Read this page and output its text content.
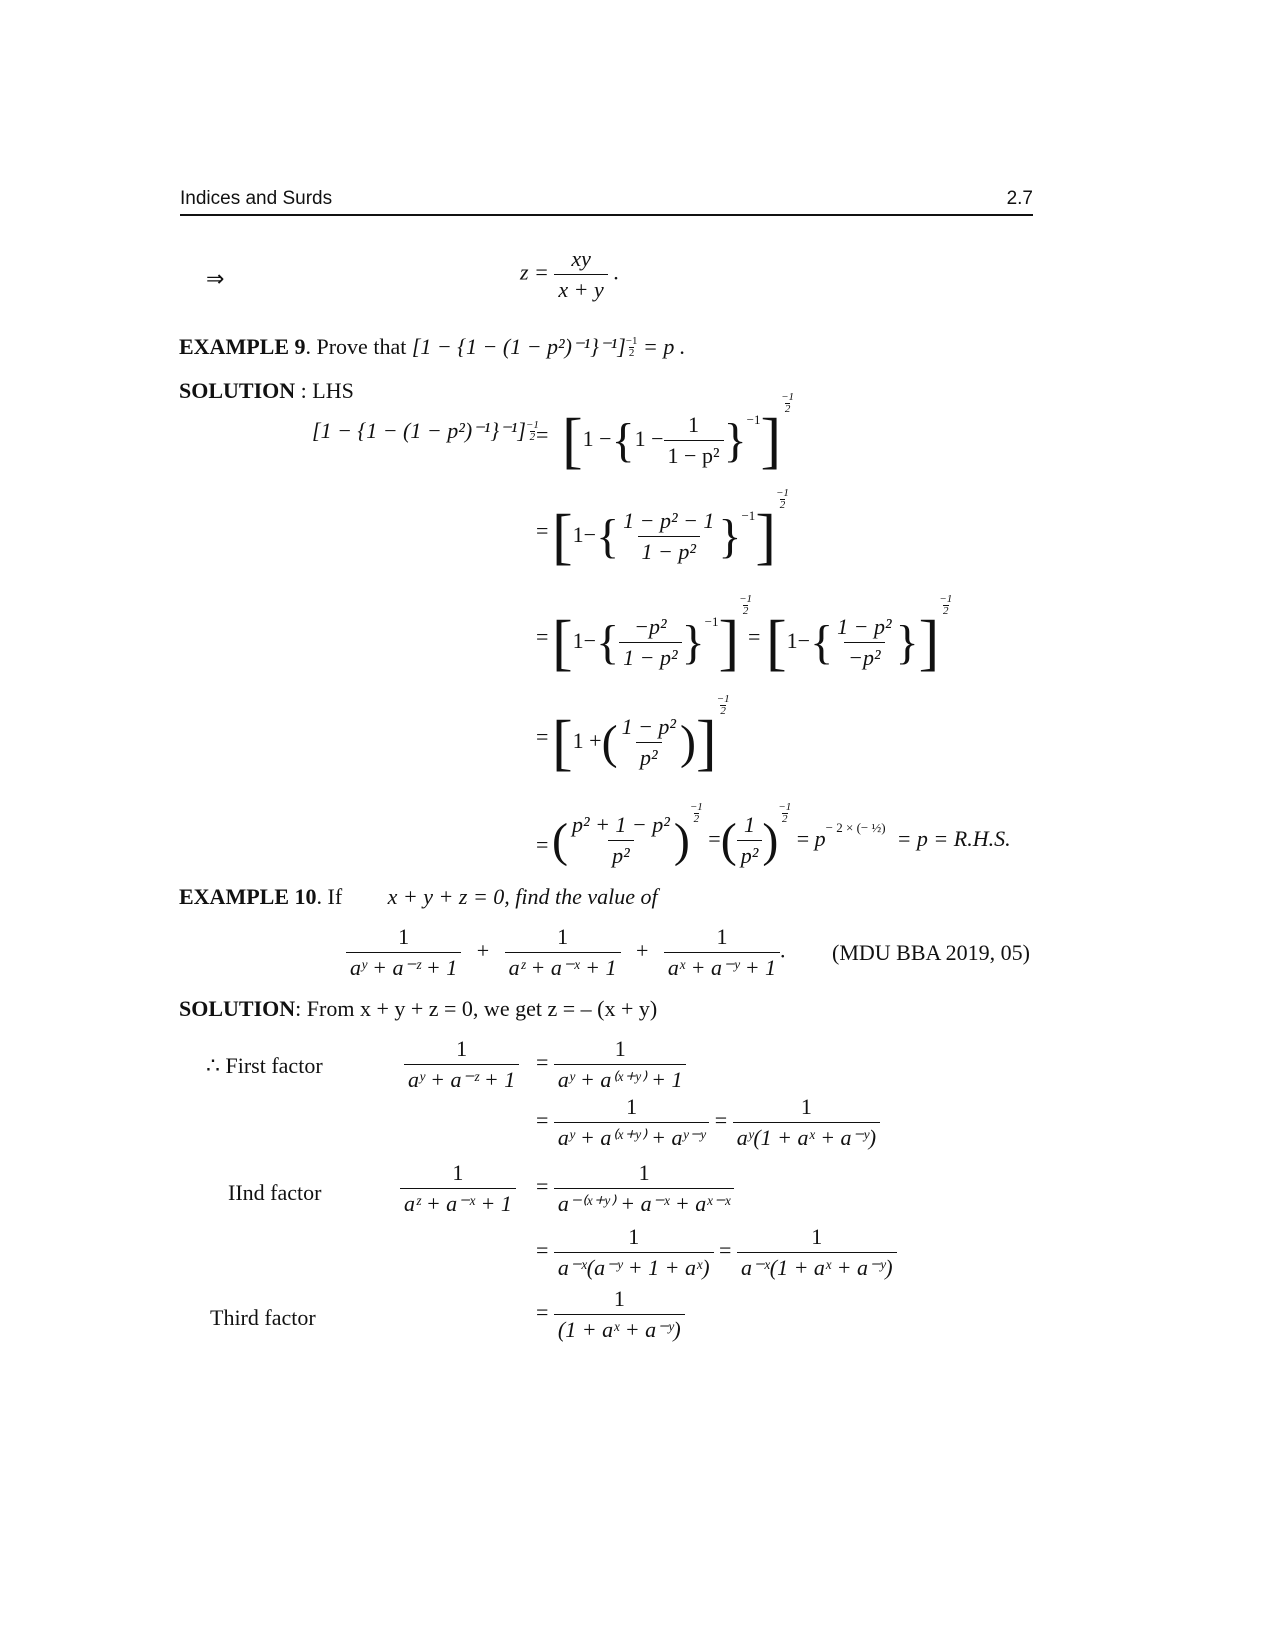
Indices and Surds	2.7
⇒	$z = \frac{xy}{x + y}$ .
EXAMPLE 9. Prove that $[1 - \{1 - (1 - p^2)^{-1}\}^{-1}] \frac{-1}{2} = p$ .
SOLUTION : LHS
$[1 - \{1 - (1 - p^2)^{-1}\}^{-1}] \frac{-1}{2}$
= $[1 -\{1 - \frac{1}{\text{1 − p²}} \}^{-1}]$
$\frac{-1}{2}$
= $[1-\{ \frac{\text{1 − p² − 1}}{\text{1 − p²}} \}^{-1}]$
$\frac{-1}{2}$
= $[1-\{ \frac{\text{−p²}}{\text{1 − p²}} \}^{-1}]$
$\frac{-1}{2}$
= [$1-\{ \frac{\text{1 − p²}}{\text{−p²}}$ }]
$\frac{-1}{2}$
= [1 +( $\frac{\text{1 − p²}}{\text{p²}}$ )]
$\frac{-1}{2}$
= ( $\frac{\text{p² + 1 − p²}}{\text{p²}}$ )
$\frac{-1}{2}$
=( $\frac{1}{\text{p²}}$ )
$\frac{-1}{2}$
= $p^{- 2 \times (- \frac{1}{2})} = p = R.H.S$.
EXAMPLE 10. If x + y + z = 0, find the value of
$\frac{1}{\text{aʸ + a⁻ᶻ + 1}} + \frac{1}{\text{aᶻ + a⁻ˣ + 1}} + \frac{1}{\text{aˣ + a⁻ʸ + 1}}$ . (MDU BBA 2019, 05)
SOLUTION: From x + y + z = 0, we get z = – (x + y)
∴ First factor	$\frac{1}{\text{aʸ + a⁻ᶻ + 1}} = \frac{1}{\text{aʸ + a⁽ˣ⁺ʸ⁾ + 1}}$
= $\frac{1}{\text{aʸ + a⁽ˣ⁺ʸ⁾ + aʸ⁻ʸ}} = \frac{1}{\text{aʸ(1 + aˣ + a⁻ʸ)}}$
IInd factor	$\frac{1}{\text{aᶻ + a⁻ˣ + 1}} = \frac{1}{\text{a⁻⁽ˣ⁺ʸ⁾ + a⁻ˣ + aˣ⁻ˣ}}$
= $\frac{1}{\text{a⁻ˣ(a⁻ʸ + 1 + aˣ)}} = \frac{1}{\text{a⁻ˣ(1 + aˣ + a⁻ʸ)}}$
Third factor	= $\frac{1}{\text{(1 + aˣ + a⁻ʸ)}}$
